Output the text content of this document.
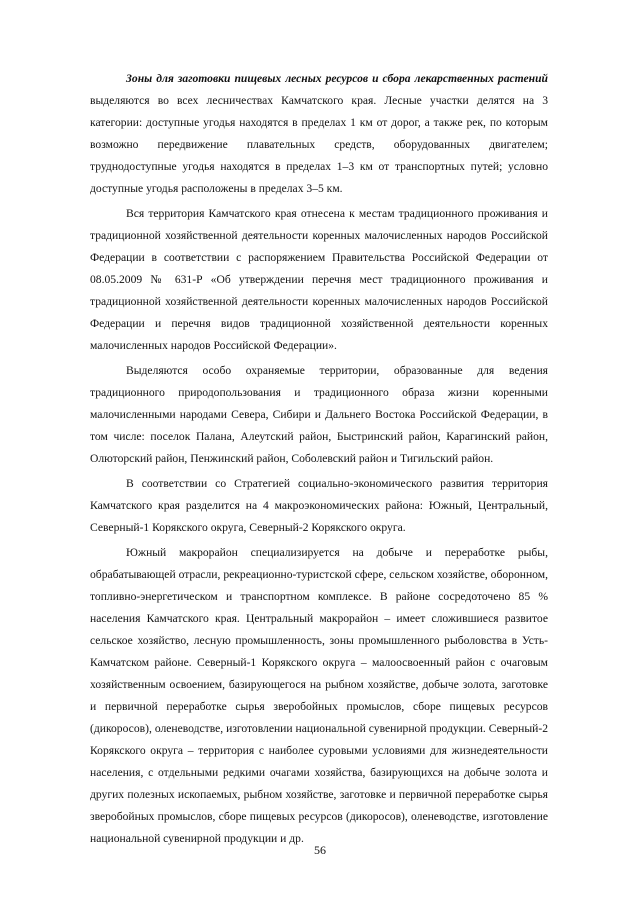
Зоны для заготовки пищевых лесных ресурсов и сбора лекарственных растений выделяются во всех лесничествах Камчатского края. Лесные участки делятся на 3 категории: доступные угодья находятся в пределах 1 км от дорог, а также рек, по которым возможно передвижение плавательных средств, оборудованных двигателем; труднодоступные угодья находятся в пределах 1–3 км от транспортных путей; условно доступные угодья расположены в пределах 3–5 км.

Вся территория Камчатского края отнесена к местам традиционного проживания и традиционной хозяйственной деятельности коренных малочисленных народов Российской Федерации в соответствии с распоряжением Правительства Российской Федерации от 08.05.2009 № 631-Р «Об утверждении перечня мест традиционного проживания и традиционной хозяйственной деятельности коренных малочисленных народов Российской Федерации и перечня видов традиционной хозяйственной деятельности коренных малочисленных народов Российской Федерации».

Выделяются особо охраняемые территории, образованные для ведения традиционного природопользования и традиционного образа жизни коренными малочисленными народами Севера, Сибири и Дальнего Востока Российской Федерации, в том числе: поселок Палана, Алеутский район, Быстринский район, Карагинский район, Олюторский район, Пенжинский район, Соболевский район и Тигильский район.

В соответствии со Стратегией социально-экономического развития территория Камчатского края разделится на 4 макроэкономических района: Южный, Центральный, Северный-1 Корякского округа, Северный-2 Корякского округа.

Южный макрорайон специализируется на добыче и переработке рыбы, обрабатывающей отрасли, рекреационно-туристской сфере, сельском хозяйстве, оборонном, топливно-энергетическом и транспортном комплексе. В районе сосредоточено 85 % населения Камчатского края. Центральный макрорайон – имеет сложившиеся развитое сельское хозяйство, лесную промышленность, зоны промышленного рыболовства в Усть-Камчатском районе. Северный-1 Корякского округа – малоосвоенный район с очаговым хозяйственным освоением, базирующегося на рыбном хозяйстве, добыче золота, заготовке и первичной переработке сырья зверобойных промыслов, сборе пищевых ресурсов (дикоросов), оленеводстве, изготовлении национальной сувенирной продукции. Северный-2 Корякского округа – территория с наиболее суровыми условиями для жизнедеятельности населения, с отдельными редкими очагами хозяйства, базирующихся на добыче золота и других полезных ископаемых, рыбном хозяйстве, заготовке и первичной переработке сырья зверобойных промыслов, сборе пищевых ресурсов (дикоросов), оленеводстве, изготовление национальной сувенирной продукции и др.

56
